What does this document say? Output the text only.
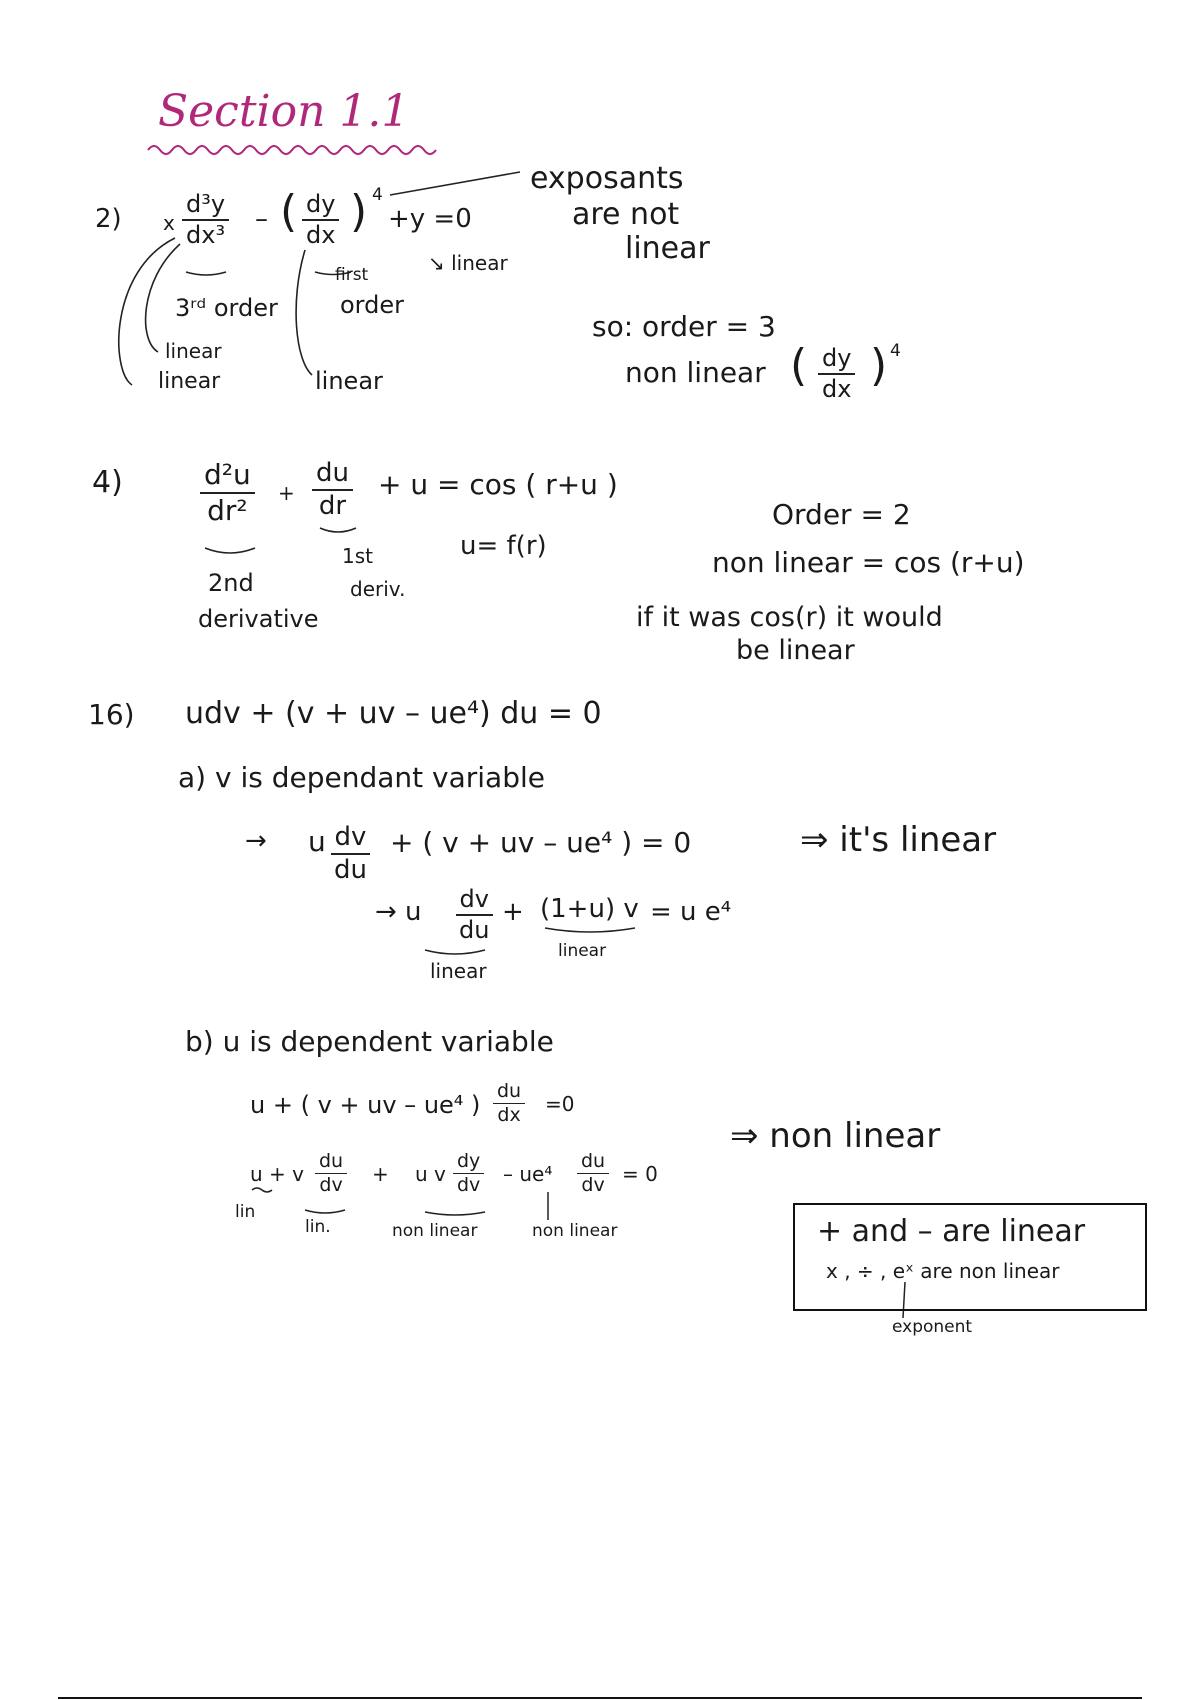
Section 1.1
2) x $\frac{\text{d³y}}{\text{dx³}}$ – ( $\frac{dy}{dx}$ ) 4
+y =0
exposants
are not
linear
↘ linear
3ʳᵈ order
first
order
linear
linear	linear
so: order = 3
non linear ( $\frac{dy}{dx}$ ) 4
4)	$\frac{\text{d²u}}{\text{dr²}} + \frac{du}{dr} + u = \cos$ ( r+u )
2nd
derivative
1st
deriv.
u= f(r)
Order = 2
non linear = cos (r+u)
if it was cos(r) it would
be linear
16) udv + (v + uv – ue⁴) du = 0
a) v is dependant variable
→ u $\frac{dv}{du}$ + ( v + uv – ue⁴ ) = 0	⇒ it's linear
→ u $\frac{dv}{du} + (1+u) v = u$ e⁴
linear
linear
b) u is dependent variable
u + ( v + uv – ue⁴ ) $\frac{du}{dx} =0$
⇒ non linear
u + v $\frac{du}{dv} + u$ v $\frac{dy}{dv} - ue^4 \frac{du}{dv} = 0$
lin
lin.	non linear	non linear	+ and – are linear
x , ÷ , eˣ are non linear
exponent
